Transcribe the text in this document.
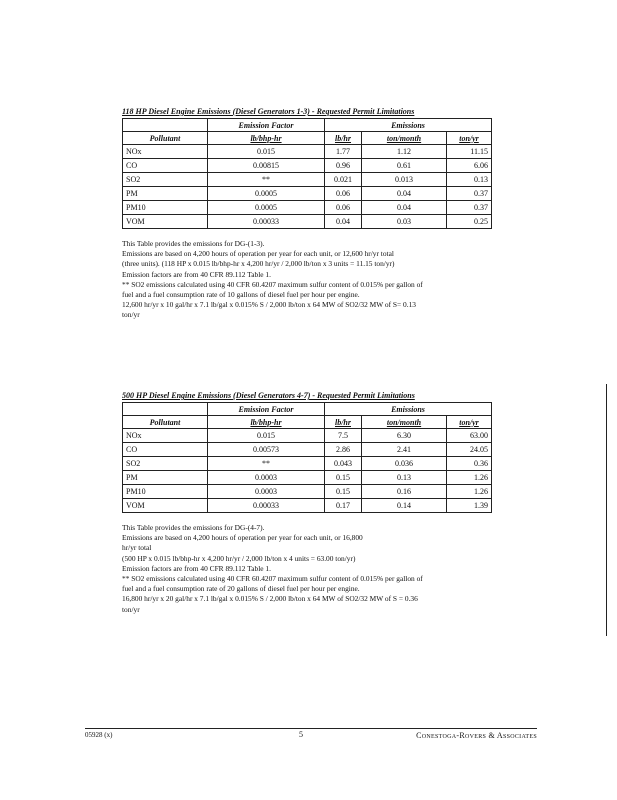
118 HP Diesel Engine Emissions (Diesel Generators 1-3) - Requested Permit Limitations
	Emission Factor	Emissions		
Pollutant	lb/bhp-hr	lb/hr	ton/month	ton/yr
NOx	0.015	1.77	1.12	11.15
CO	0.00815	0.96	0.61	6.06
SO2	**	0.021	0.013	0.13
PM	0.0005	0.06	0.04	0.37
PM10	0.0005	0.06	0.04	0.37
VOM	0.00033	0.04	0.03	0.25

This Table provides the emissions for DG-(1-3).

Emissions are based on 4,200 hours of operation per year for each unit, or 12,600 hr/yr total

(three units). (118 HP x 0.015 lb/bhp-hr x 4,200 hr/yr / 2,000 lb/ton x 3 units = 11.15 ton/yr)

Emission factors are from 40 CFR 89.112 Table 1.

** SO2 emissions calculated using 40 CFR 60.4207 maximum sulfur content of 0.015% per gallon of

fuel and a fuel consumption rate of 10 gallons of diesel fuel per hour per engine.

12,600 hr/yr x 10 gal/hr x 7.1 lb/gal x 0.015% S / 2,000 lb/ton x 64 MW of SO2/32 MW of S= 0.13

ton/yr

500 HP Diesel Engine Emissions (Diesel Generators 4-7) - Requested Permit Limitations
	Emission Factor	Emissions		
Pollutant	lb/bhp-hr	lb/hr	ton/month	ton/yr
NOx	0.015	7.5	6.30	63.00
CO	0.00573	2.86	2.41	24.05
SO2	**	0.043	0.036	0.36
PM	0.0003	0.15	0.13	1.26
PM10	0.0003	0.15	0.16	1.26
VOM	0.00033	0.17	0.14	1.39

This Table provides the emissions for DG-(4-7).

Emissions are based on 4,200 hours of operation per year for each unit, or 16,800

hr/yr total

(500 HP x 0.015 lb/bhp-hr x 4,200 hr/yr / 2,000 lb/ton x 4 units = 63.00 ton/yr)

Emission factors are from 40 CFR 89.112 Table 1.

** SO2 emissions calculated using 40 CFR 60.4207 maximum sulfur content of 0.015% per gallon of

fuel and a fuel consumption rate of 20 gallons of diesel fuel per hour per engine.

16,800 hr/yr x 20 gal/hr x 7.1 lb/gal x 0.015% S / 2,000 lb/ton x 64 MW of SO2/32 MW of S = 0.36

ton/yr

05928 (x)	5	Conestoga-Rovers & Associates
